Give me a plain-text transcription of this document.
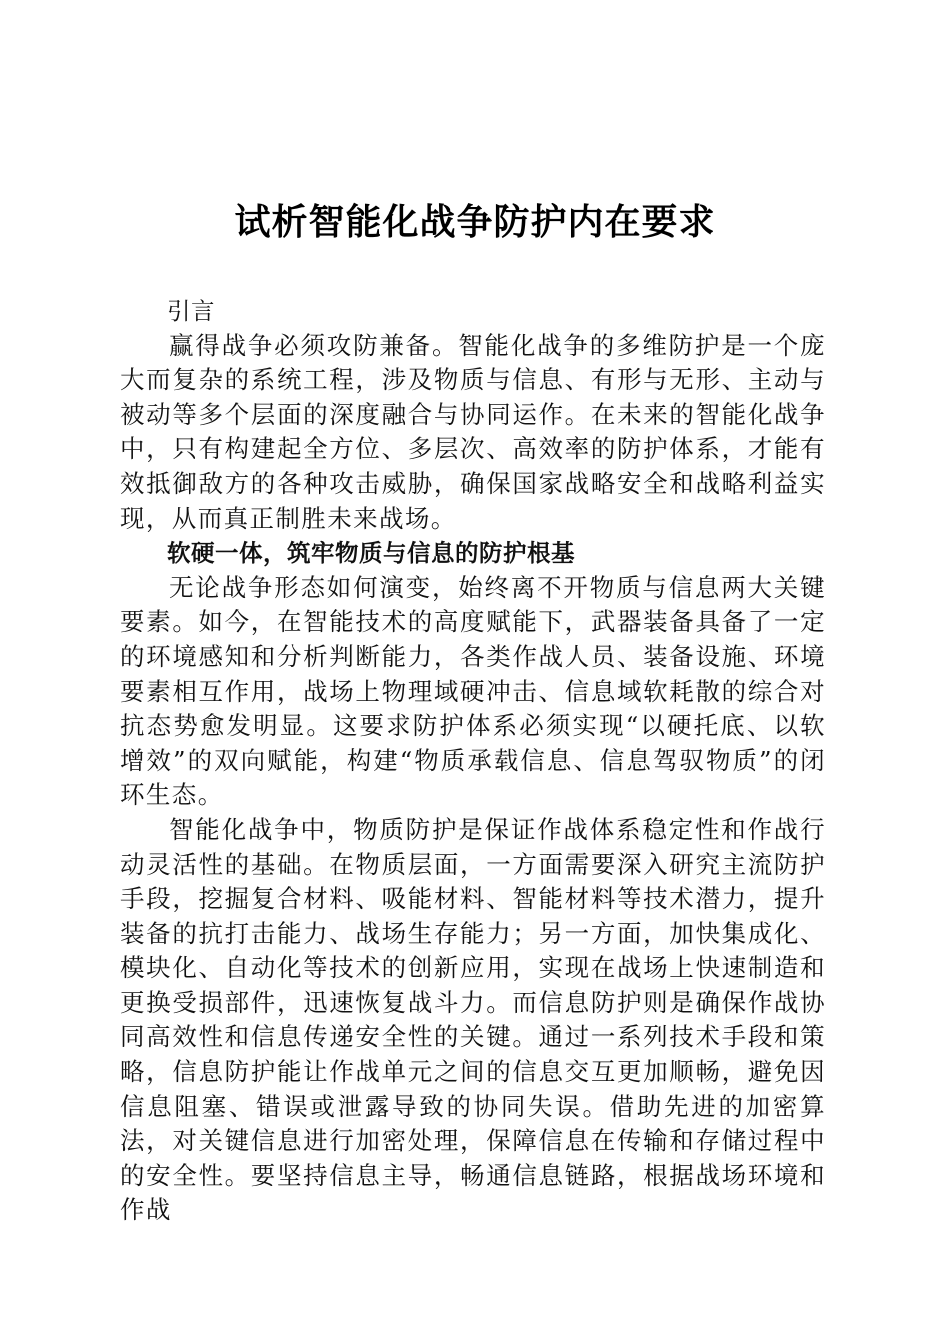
试析智能化战争防护内在要求

引言

赢得战争必须攻防兼备。智能化战争的多维防护是一个庞大而复杂的系统工程，涉及物质与信息、有形与无形、主动与被动等多个层面的深度融合与协同运作。在未来的智能化战争中，只有构建起全方位、多层次、高效率的防护体系，才能有效抵御敌方的各种攻击威胁，确保国家战略安全和战略利益实现，从而真正制胜未来战场。

软硬一体，筑牢物质与信息的防护根基

无论战争形态如何演变，始终离不开物质与信息两大关键要素。如今，在智能技术的高度赋能下，武器装备具备了一定的环境感知和分析判断能力，各类作战人员、装备设施、环境要素相互作用，战场上物理域硬冲击、信息域软耗散的综合对抗态势愈发明显。这要求防护体系必须实现“以硬托底、以软增效”的双向赋能，构建“物质承载信息、信息驾驭物质”的闭环生态。

智能化战争中，物质防护是保证作战体系稳定性和作战行动灵活性的基础。在物质层面，一方面需要深入研究主流防护手段，挖掘复合材料、吸能材料、智能材料等技术潜力，提升装备的抗打击能力、战场生存能力；另一方面，加快集成化、模块化、自动化等技术的创新应用，实现在战场上快速制造和更换受损部件，迅速恢复战斗力。而信息防护则是确保作战协同高效性和信息传递安全性的关键。通过一系列技术手段和策略，信息防护能让作战单元之间的信息交互更加顺畅，避免因信息阻塞、错误或泄露导致的协同失误。借助先进的加密算法，对关键信息进行加密处理，保障信息在传输和存储过程中的安全性。要坚持信息主导，畅通信息链路，根据战场环境和作战
